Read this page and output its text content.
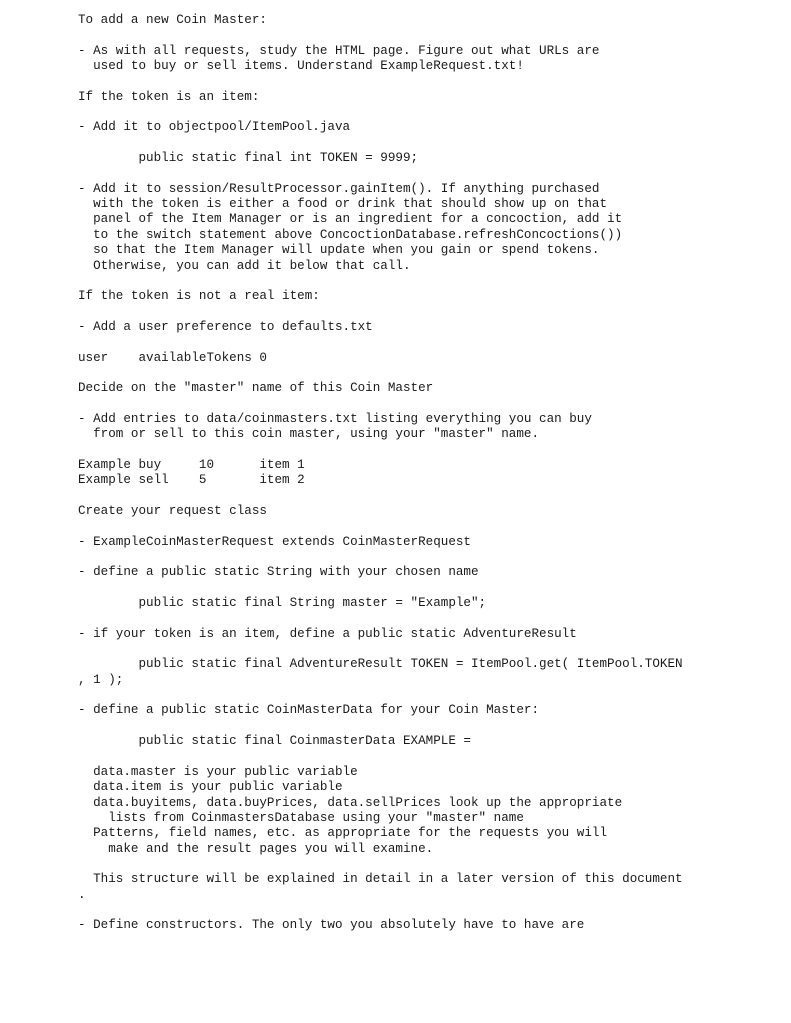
To add a new Coin Master:
- As with all requests, study the HTML page. Figure out what URLs are
used to buy or sell items. Understand ExampleRequest.txt!
If the token is an item:
- Add it to objectpool/ItemPool.java
public static final int TOKEN = 9999;
- Add it to session/ResultProcessor.gainItem(). If anything purchased
with the token is either a food or drink that should show up on that
panel of the Item Manager or is an ingredient for a concoction, add it
to the switch statement above ConcoctionDatabase.refreshConcoctions())
so that the Item Manager will update when you gain or spend tokens.
Otherwise, you can add it below that call.
If the token is not a real item:
- Add a user preference to defaults.txt
user    availableTokens 0
Decide on the "master" name of this Coin Master
- Add entries to data/coinmasters.txt listing everything you can buy
from or sell to this coin master, using your "master" name.
Example buy     10      item 1
Example sell    5       item 2
Create your request class
- ExampleCoinMasterRequest extends CoinMasterRequest
- define a public static String with your chosen name
public static final String master = "Example";
- if your token is an item, define a public static AdventureResult
public static final AdventureResult TOKEN = ItemPool.get( ItemPool.TOKEN
, 1 );
- define a public static CoinMasterData for your Coin Master:
public static final CoinmasterData EXAMPLE =
data.master is your public variable
data.item is your public variable
data.buyitems, data.buyPrices, data.sellPrices look up the appropriate
lists from CoinmastersDatabase using your "master" name
Patterns, field names, etc. as appropriate for the requests you will
make and the result pages you will examine.
This structure will be explained in detail in a later version of this document
.
- Define constructors. The only two you absolutely have to have are
